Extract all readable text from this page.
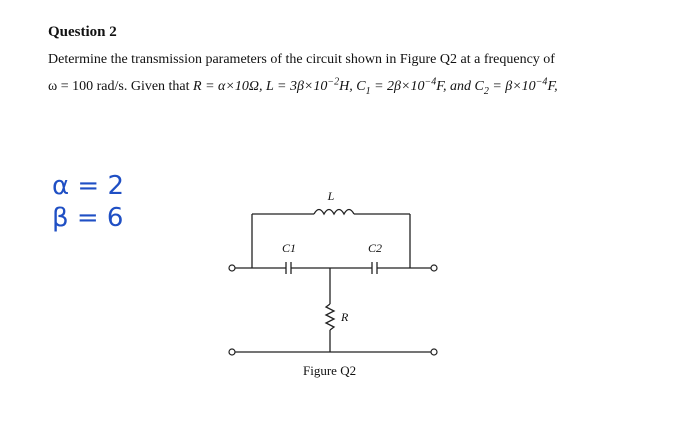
Question 2
Determine the transmission parameters of the circuit shown in Figure Q2 at a frequency of
ω = 100 rad/s. Given that R = α×10Ω, $L = 3\beta\times 10^{-2}H$, $C_1 = 2\beta\times 10^{-4}F$, and $C_2 = \beta\times 10^{-4}F$,
α = 2
β = 6
L
C1	C2
R
Figure Q2
